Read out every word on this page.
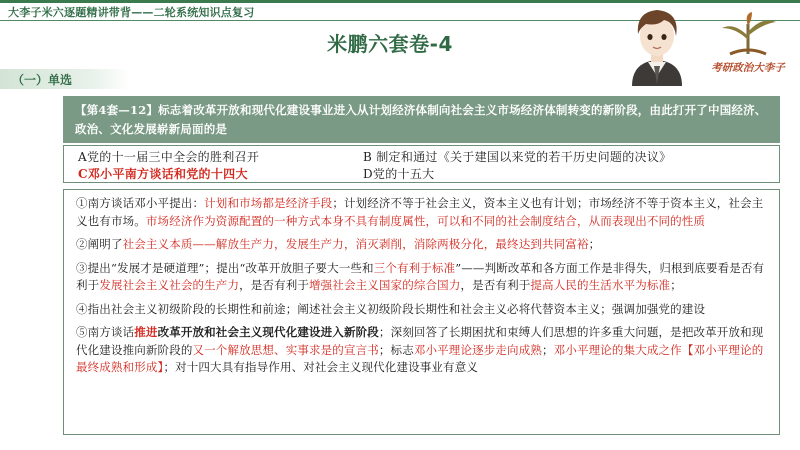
大李子米六逐题精讲带背——二轮系统知识点复习
米鹏六套卷-4
（一）单选
考研政治大李子

【第4套—12】标志着改革开放和现代化建设事业进入从计划经济体制向社会主义市场经济体制转变的新阶段，由此打开了中国经济、政治、文化发展崭新局面的是

A党的十一届三中全会的胜利召开	B 制定和通过《关于建国以来党的若干历史问题的决议》
C邓小平南方谈话和党的十四大	D党的十五大

①南方谈话邓小平提出：计划和市场都是经济手段；计划经济不等于社会主义，资本主义也有计划；市场经济不等于资本主义，社会主义也有市场。市场经济作为资源配置的一种方式本身不具有制度属性，可以和不同的社会制度结合，从而表现出不同的性质

②阐明了社会主义本质——解放生产力，发展生产力，消灭剥削，消除两极分化，最终达到共同富裕；

③提出“发展才是硬道理”；提出“改革开放胆子要大一些和三个有利于标准”——判断改革和各方面工作是非得失，归根到底要看是否有利于发展社会主义社会的生产力，是否有利于增强社会主义国家的综合国力，是否有利于提高人民的生活水平为标准；

④指出社会主义初级阶段的长期性和前途；阐述社会主义初级阶段长期性和社会主义必将代替资本主义；强调加强党的建设

⑤南方谈话推进改革开放和社会主义现代化建设进入新阶段；深刻回答了长期困扰和束缚人们思想的许多重大问题，是把改革开放和现代化建设推向新阶段的又一个解放思想、实事求是的宣言书；标志邓小平理论逐步走向成熟；邓小平理论的集大成之作【邓小平理论的最终成熟和形成】；对十四大具有指导作用、对社会主义现代化建设事业有意义
